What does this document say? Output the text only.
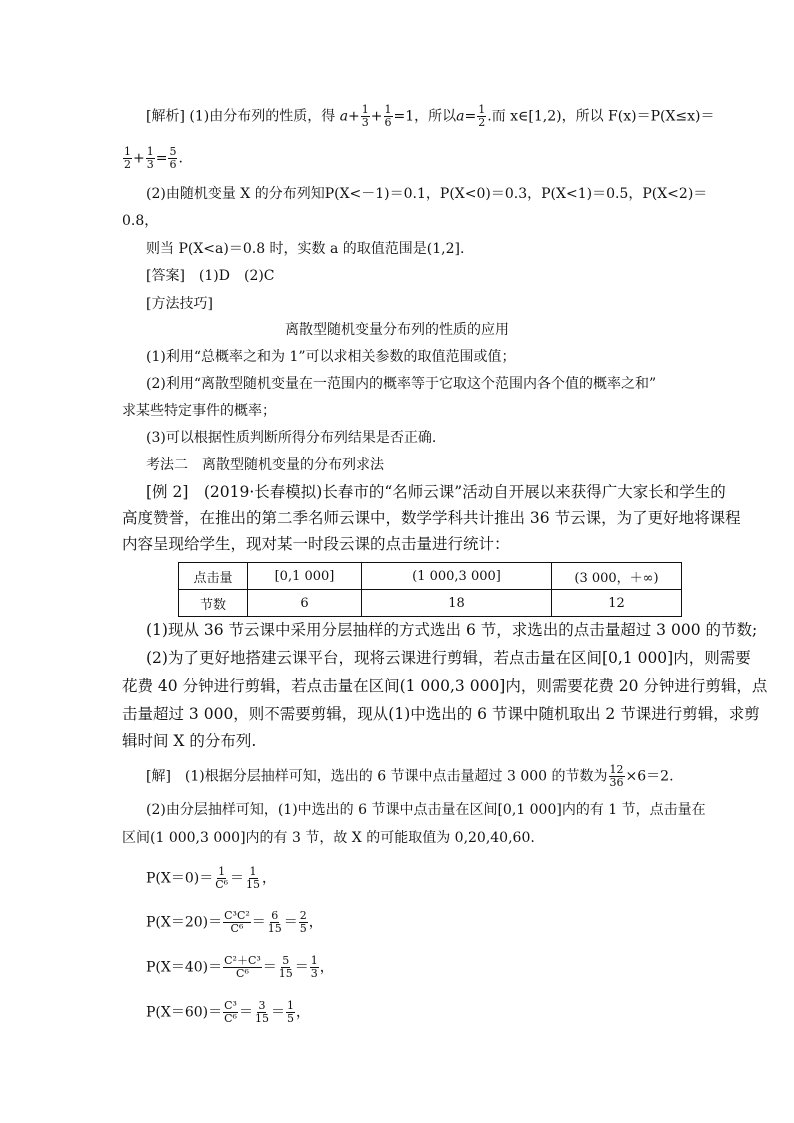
[解析] (1)由分布列的性质，得 $a+ \frac{1}{3} + \frac{1}{6} =1$，所以$a= \frac{1}{2}$ .而 x∈[1,2)，所以 F(x)＝P(X≤x)＝
$\frac{1}{2} + \frac{1}{3} = \frac{5}{6}$ .
(2)由随机变量 X 的分布列知P(X<－1)＝0.1，P(X<0)＝0.3，P(X<1)＝0.5，P(X<2)＝
0.8，
则当 P(X<a)＝0.8 时，实数 a 的取值范围是(1,2].
[答案]　(1)D　(2)C
[方法技巧]
离散型随机变量分布列的性质的应用
(1)利用“总概率之和为 1”可以求相关参数的取值范围或值；
(2)利用“离散型随机变量在一范围内的概率等于它取这个范围内各个值的概率之和”
求某些特定事件的概率；
(3)可以根据性质判断所得分布列结果是否正确.
考法二　离散型随机变量的分布列求法
[例 2]　(2019·长春模拟)长春市的“名师云课”活动自开展以来获得广大家长和学生的
高度赞誉，在推出的第二季名师云课中，数学学科共计推出 36 节云课，为了更好地将课程
内容呈现给学生，现对某一时段云课的点击量进行统计：
点击量	[0,1 000]	(1 000,3 000]	(3 000，＋∞)
节数	6	18	12
(1)现从 36 节云课中采用分层抽样的方式选出 6 节，求选出的点击量超过 3 000 的节数;
(2)为了更好地搭建云课平台，现将云课进行剪辑，若点击量在区间[0,1 000]内，则需要
花费 40 分钟进行剪辑，若点击量在区间(1 000,3 000]内，则需要花费 20 分钟进行剪辑，点
击量超过 3 000，则不需要剪辑，现从(1)中选出的 6 节课中随机取出 2 节课进行剪辑，求剪
辑时间 X 的分布列.
[解]　(1)根据分层抽样可知，选出的 6 节课中点击量超过 3 000 的节数为 $\frac{12}{36} \times 6=2$.
(2)由分层抽样可知，(1)中选出的 6 节课中点击量在区间[0,1 000]内的有 1 节，点击量在
区间(1 000,3 000]内的有 3 节，故 X 的可能取值为 0,20,40,60.
$P(X=0)= \frac{1}{\text{C⁶}} = \frac{1}{15}$ ，
$P(X=20)= \frac{\text{C³C²}}{\text{C⁶}} = \frac{6}{15} = \frac{2}{5}$ ，
$P(X=40)= \frac{\text{C²＋C³}}{\text{C⁶}} = \frac{5}{15} = \frac{1}{3}$ ，
$P(X=60)= \frac{\text{C³}}{\text{C⁶}} = \frac{3}{15} = \frac{1}{5}$ ，
